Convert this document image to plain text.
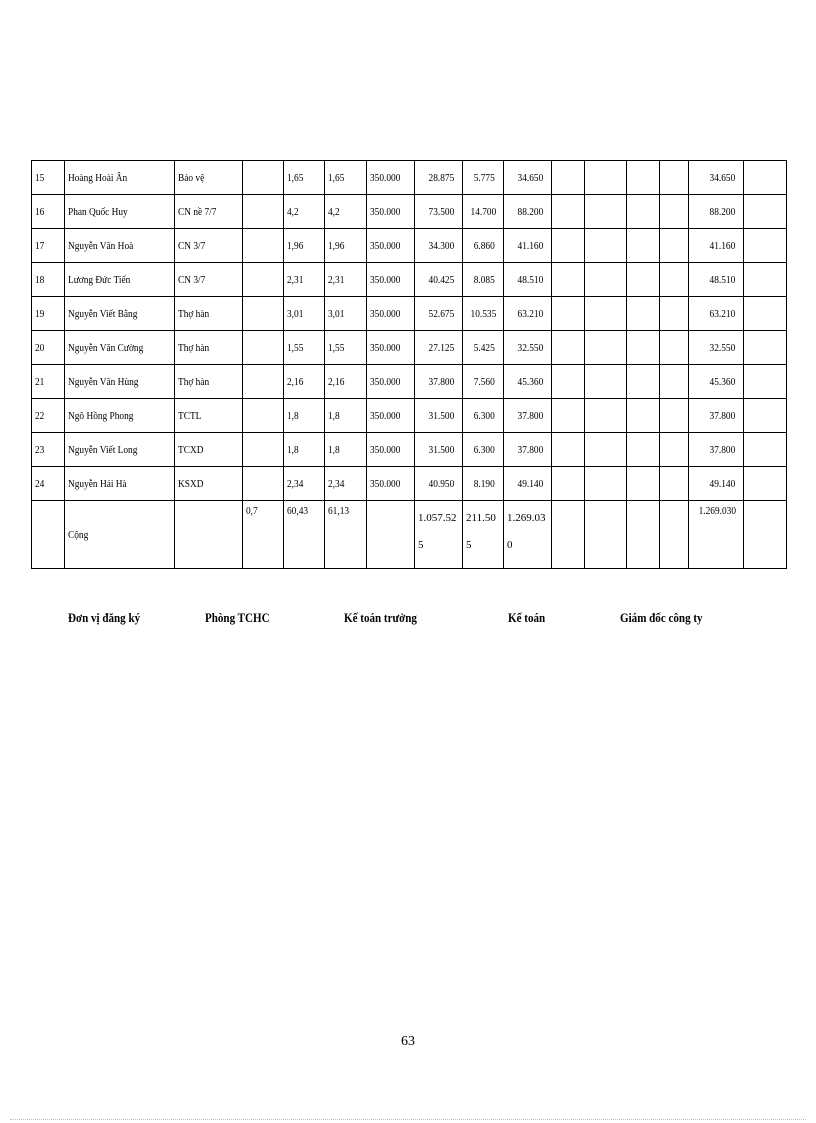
15	Hoàng Hoài Ân	Bảo vệ		1,65	1,65	350.000	28.875	5.775	34.650					34.650	
16	Phan Quốc Huy	CN nề 7/7		4,2	4,2	350.000	73.500	14.700	88.200					88.200	
17	Nguyễn Văn Hoà	CN 3/7		1,96	1,96	350.000	34.300	6.860	41.160					41.160	
18	Lương Đức Tiến	CN 3/7		2,31	2,31	350.000	40.425	8.085	48.510					48.510	
19	Nguyễn Viết Bằng	Thợ hàn		3,01	3,01	350.000	52.675	10.535	63.210					63.210	
20	Nguyễn Văn Cường	Thợ hàn		1,55	1,55	350.000	27.125	5.425	32.550					32.550	
21	Nguyễn Văn Hùng	Thợ hàn		2,16	2,16	350.000	37.800	7.560	45.360					45.360	
22	Ngô Hồng Phong	TCTL		1,8	1,8	350.000	31.500	6.300	37.800					37.800	
23	Nguyễn Viết Long	TCXD		1,8	1,8	350.000	31.500	6.300	37.800					37.800	
24	Nguyễn Hải Hà	KSXD		2,34	2,34	350.000	40.950	8.190	49.140					49.140	
	Cộng		0,7	60,43	61,13		1.057.525	211.505	1.269.030					1.269.030	
Đơn vị đăng ký	Phòng TCHC	Kế toán trưởng	Kế toán	Giám đốc công ty
63
